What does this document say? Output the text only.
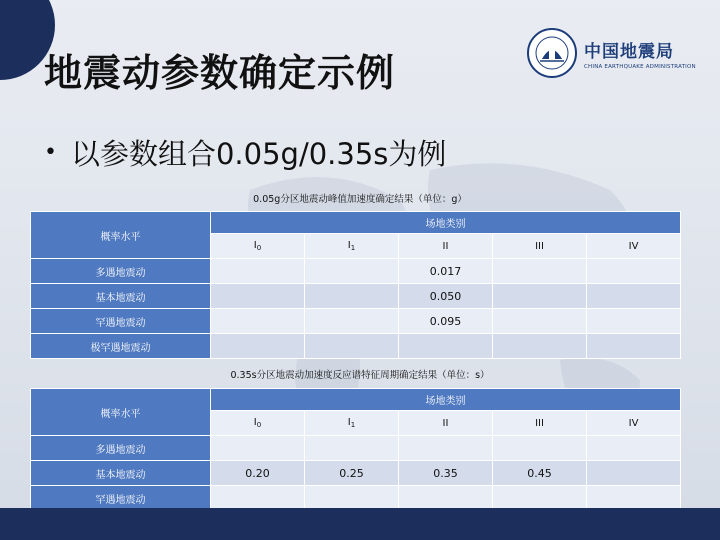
地震动参数确定示例	中国地震局
CHINA EARTHQUAKE ADMINISTRATION
• 以参数组合0.05g/0.35s为例
0.05g分区地震动峰值加速度确定结果（单位：g）
概率水平	场地类别				
	$I_0$	$I_1$	II	III	IV
多遇地震动			0.017		
基本地震动			0.050		
罕遇地震动			0.095		
极罕遇地震动					
0.35s分区地震动加速度反应谱特征周期确定结果（单位：s）
概率水平	场地类别				
	$I_0$	$I_1$	II	III	IV
多遇地震动					
基本地震动	0.20	0.25	0.35	0.45	
罕遇地震动					
